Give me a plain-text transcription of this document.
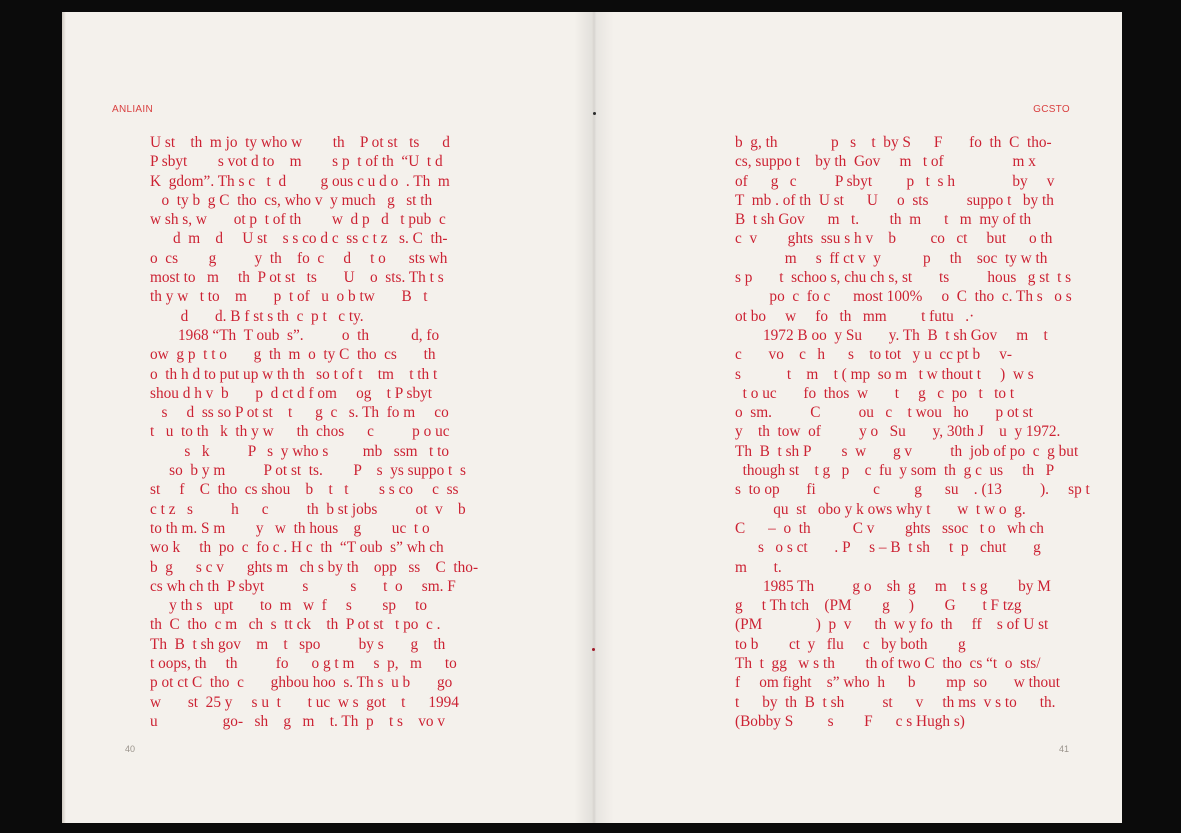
ANLIAIN
U st    th  m jo  ty who w        th    P ot st   ts      d
P sbyt        s vot d to    m        s p  t of th  “U  t d
K  gdom”. Th s c   t  d         g ous c u d o  . Th  m
o  ty b  g C  tho  cs, who v  y much   g   st th
w sh s, w       ot p  t of th        w  d p   d   t pub  c
d  m    d     U st    s s co d c  ss c t z   s. C  th-
o  cs        g          y  th    fo  c     d     t o      sts wh
most to   m     th  P ot st   ts       U    o  sts. Th t s
th y w   t to    m       p  t of   u  o b tw       B   t
d       d. B f st s th  c  p t   c ty.
1968 “Th  T oub  s”.          o  th           d, fo
ow  g p  t t o       g  th  m  o  ty C  tho  cs       th
o  th h d to put up w th th   so t of t    tm    t th t
shou d h v  b       p  d ct d f om     og    t P sbyt
s     d  ss so P ot st    t      g  c   s. Th  fo m     co
t   u  to th   k  th y w      th  chos      c          p o uc
s   k          P   s  y who s         mb   ssm   t to
so  b y m          P ot st  ts.        P    s  ys suppo t  s
st     f    C  tho  cs shou    b    t   t        s s co     c  ss
c t z   s          h      c          th  b st jobs          ot  v    b
to th m. S m        y   w  th hous    g        uc  t o
wo k     th  po  c  fo c . H c  th  “T oub  s” wh ch
b  g      s c v      ghts m   ch s by th    opp   ss    C  tho-
cs wh ch th  P sbyt          s           s       t  o     sm. F
y th s   upt       to  m   w  f     s        sp     to
th  C  tho  c m   ch  s  tt ck    th  P ot st   t po  c .
Th  B  t sh gov    m    t   spo          by s       g    th
t oops, th     th          fo      o g t m     s  p,   m      to
p ot ct C  tho  c       ghbou hoo  s. Th s  u b       go
w       st  25 y     s u  t       t uc  w s  got    t      1994
u                 go-   sh    g   m    t. Th  p    t s    vo v
40
GCSTO
b  g, th              p   s    t  by S      F       fo  th  C  tho-
cs, suppo t    by th  Gov     m   t of                  m x
of      g   c          P sbyt         p   t  s h               by     v
T  mb . of th  U st      U     o  sts          suppo t   by th
B  t sh Gov      m   t.        th  m      t   m  my of th
c  v        ghts  ssu s h v    b         co   ct     but      o th
m     s  ff ct v  y           p     th    soc  ty w th
s p       t  schoo s, chu ch s, st       ts          hous   g st  t s
po  c  fo c      most 100%     o  C  tho  c. Th s   o s
ot bo     w     fo   th   mm         t futu   .·
1972 B oo  y Su       y. Th  B  t sh Gov     m    t
c       vo    c   h      s    to tot   y u  cc pt b     v-
s            t    m    t ( mp  so m   t w thout t     )  w s
t o uc       fo  thos  w       t     g   c  po   t   to t
o  sm.          C          ou   c    t wou   ho       p ot st
y    th  tow  of          y o   Su       y, 30th J    u  y 1972.
Th  B  t sh P        s  w       g v          th  job of po  c  g but
though st    t g   p    c  fu  y som  th  g c  us     th   P
s  to op       fi               c         g      su    . (13          ).     sp t
qu  st   obo y k ows why t       w  t w o  g.
C      –  o  th           C v        ghts   ssoc   t o   wh ch
s   o s ct       . P     s – B  t sh     t  p   chut       g
m       t.
1985 Th          g o    sh  g     m    t s g        by M
g     t Th tch    (PM        g     )        G       t F tzg
(PM              )  p  v      th  w y fo  th     ff    s of U st
to b        ct  y   flu     c   by both        g
Th  t  gg   w s th        th of two C  tho  cs “t  o  sts/
f     om fight    s” who  h      b        mp  so       w thout
t      by  th  B  t sh          st      v     th ms  v s to      th.
(Bobby S         s        F      c s Hugh s)
41
